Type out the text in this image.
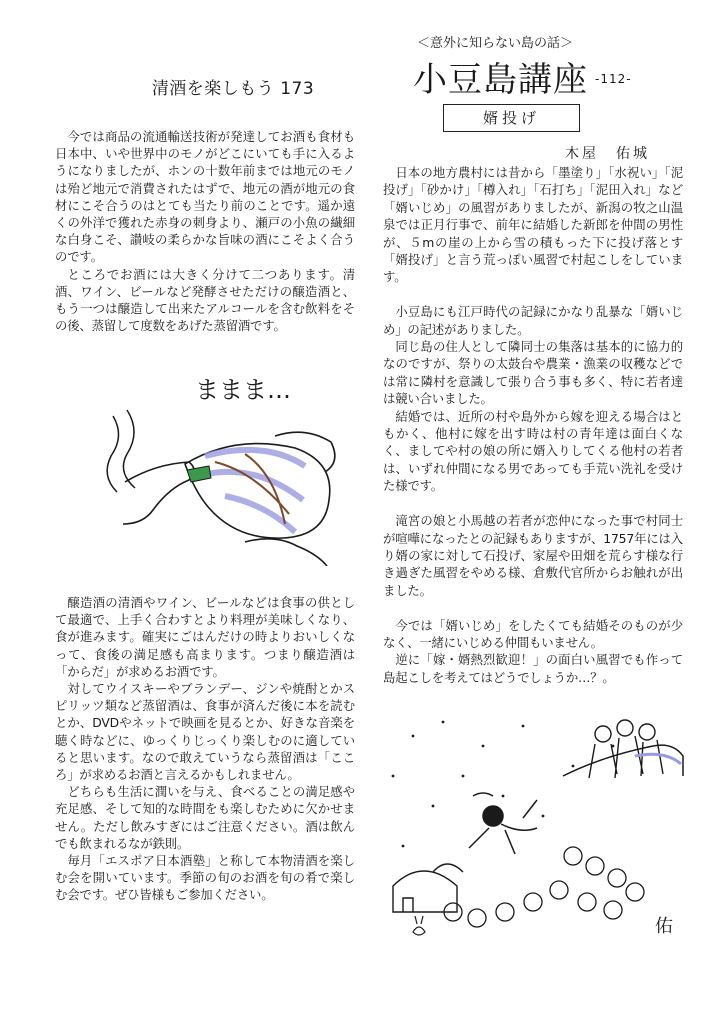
清酒を楽しもう 173

今では商品の流通輸送技術が発達してお酒も食材も日本中、いや世界中のモノがどこにいても手に入るようになりましたが、ホンの十数年前までは地元のモノは殆ど地元で消費されたはずで、地元の酒が地元の食材にこそ合うのはとても当たり前のことです。遥か遠くの外洋で獲れた赤身の刺身より、瀬戸の小魚の繊細な白身こそ、讃岐の柔らかな旨味の酒にこそよく合うのです。

ところでお酒には大きく分けて二つあります。清酒、ワイン、ビールなど発酵させただけの醸造酒と、もう一つは醸造して出来たアルコールを含む飲料をその後、蒸留して度数をあげた蒸留酒です。

ままま…

醸造酒の清酒やワイン、ビールなどは食事の供として最適で、上手く合わすとより料理が美味しくなり、食が進みます。確実にごはんだけの時よりおいしくなって、食後の満足感も高まります。つまり醸造酒は「からだ」が求めるお酒です。

対してウイスキーやブランデー、ジンや焼酎とかスピリッツ類など蒸留酒は、食事が済んだ後に本を読むとか、DVDやネットで映画を見るとか、好きな音楽を聴く時などに、ゆっくりじっくり楽しむのに適していると思います。なので敢えていうなら蒸留酒は「こころ」が求めるお酒と言えるかもしれません。

どちらも生活に潤いを与え、食べることの満足感や充足感、そして知的な時間をも楽しむために欠かせません。ただし飲みすぎにはご注意ください。酒は飲んでも飲まれるなが鉄則。

毎月「エスポア日本酒塾」と称して本物清酒を楽しむ会を開いています。季節の旬のお酒を旬の肴で楽しむ会です。ぜひ皆様もご参加ください。

＜意外に知らない島の話＞
小豆島講座 -112-
婿投げ
木屋　佑城

日本の地方農村には昔から「墨塗り」「水祝い」「泥投げ」「砂かけ」「樽入れ」「石打ち」「泥田入れ」など「婿いじめ」の風習がありましたが、新潟の牧之山温泉では正月行事で、前年に結婚した新郎を仲間の男性が、５mの崖の上から雪の積もった下に投げ落とす「婿投げ」と言う荒っぽい風習で村起こしをしています。

小豆島にも江戸時代の記録にかなり乱暴な「婿いじめ」の記述がありました。

同じ島の住人として隣同士の集落は基本的に協力的なのですが、祭りの太鼓台や農業・漁業の収穫などでは常に隣村を意識して張り合う事も多く、特に若者達は競い合いました。

結婚では、近所の村や島外から嫁を迎える場合はともかく、他村に嫁を出す時は村の青年達は面白くなく、ましてや村の娘の所に婿入りしてくる他村の若者は、いずれ仲間になる男であっても手荒い洗礼を受けた様です。

滝宮の娘と小馬越の若者が恋仲になった事で村同士が喧嘩になったとの記録もありますが、1757年には入り婿の家に対して石投げ、家屋や田畑を荒らす様な行き過ぎた風習をやめる様、倉敷代官所からお触れが出ました。

今では「婿いじめ」をしたくても結婚そのものが少なく、一緒にいじめる仲間もいません。

逆に「嫁・婿熱烈歓迎！」の面白い風習でも作って島起こしを考えてはどうでしょうか…？。

佑
